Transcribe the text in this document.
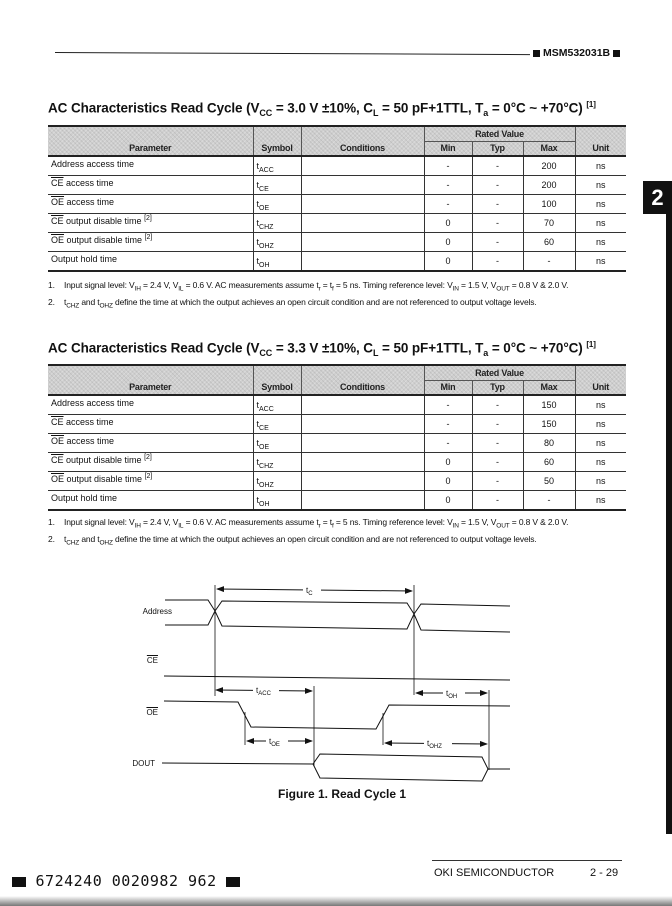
MSM532031B
2
AC Characteristics Read Cycle ($V_{CC} = 3.0$ V ±10%, $C_L = 50$ pF+1TTL, $T_a = 0^\circ C$ ~ +70°C) [1]
Parameter	Symbol	Conditions	Rated Value			Unit
			Min	Typ	Max	
Address access time	$t_{ACC}$		-	-	200	ns
$\overline{CE}$ access time	$t_{CE}$		-	-	200	ns
$\overline{OE}$ access time	$t_{OE}$		-	-	100	ns
$\overline{CE}$ output disable time [2]	$t_{CHZ}$		0	-	70	ns
$\overline{OE}$ output disable time [2]	$t_{OHZ}$		0	-	60	ns
Output hold time	$t_{OH}$		0	-	-	ns
1. Input signal level: $V_{IH} = 2.4$ V, $V_{IL} = 0.6$ V. AC measurements assume $t_r = t_f = 5$ ns. Timing reference level: $V_{IN} = 1.5$ V, $V_{OUT} = 0.8$ V & 2.0 V.
2. $t_{CHZ}$ and $t_{OHZ}$ define the time at which the output achieves an open circuit condition and are not referenced to output voltage levels.
AC Characteristics Read Cycle ($V_{CC} = 3.3$ V ±10%, $C_L = 50$ pF+1TTL, $T_a = 0^\circ C$ ~ +70°C) [1]
Parameter	Symbol	Conditions	Rated Value			Unit
			Min	Typ	Max	
Address access time	$t_{ACC}$		-	-	150	ns
$\overline{CE}$ access time	$t_{CE}$		-	-	150	ns
$\overline{OE}$ access time	$t_{OE}$		-	-	80	ns
$\overline{CE}$ output disable time [2]	$t_{CHZ}$		0	-	60	ns
$\overline{OE}$ output disable time [2]	$t_{OHZ}$		0	-	50	ns
Output hold time	$t_{OH}$		0	-	-	ns
1. Input signal level: $V_{IH} = 2.4$ V, $V_{IL} = 0.6$ V. AC measurements assume $t_r = t_f = 5$ ns. Timing reference level: $V_{IN} = 1.5$ V, $V_{OUT} = 0.8$ V & 2.0 V.
2. $t_{CHZ}$ and $t_{OHZ}$ define the time at which the output achieves an open circuit condition and are not referenced to output voltage levels.
Address
$\overline{CE}$
$\overline{OE}$
DOUT
$t_C$
$t_{ACC}$	$t_{OH}$
$t_{OE}$	$t_{OHZ}$
Figure 1. Read Cycle 1
6724240 0020982 962	OKI SEMICONDUCTOR	2 - 29
